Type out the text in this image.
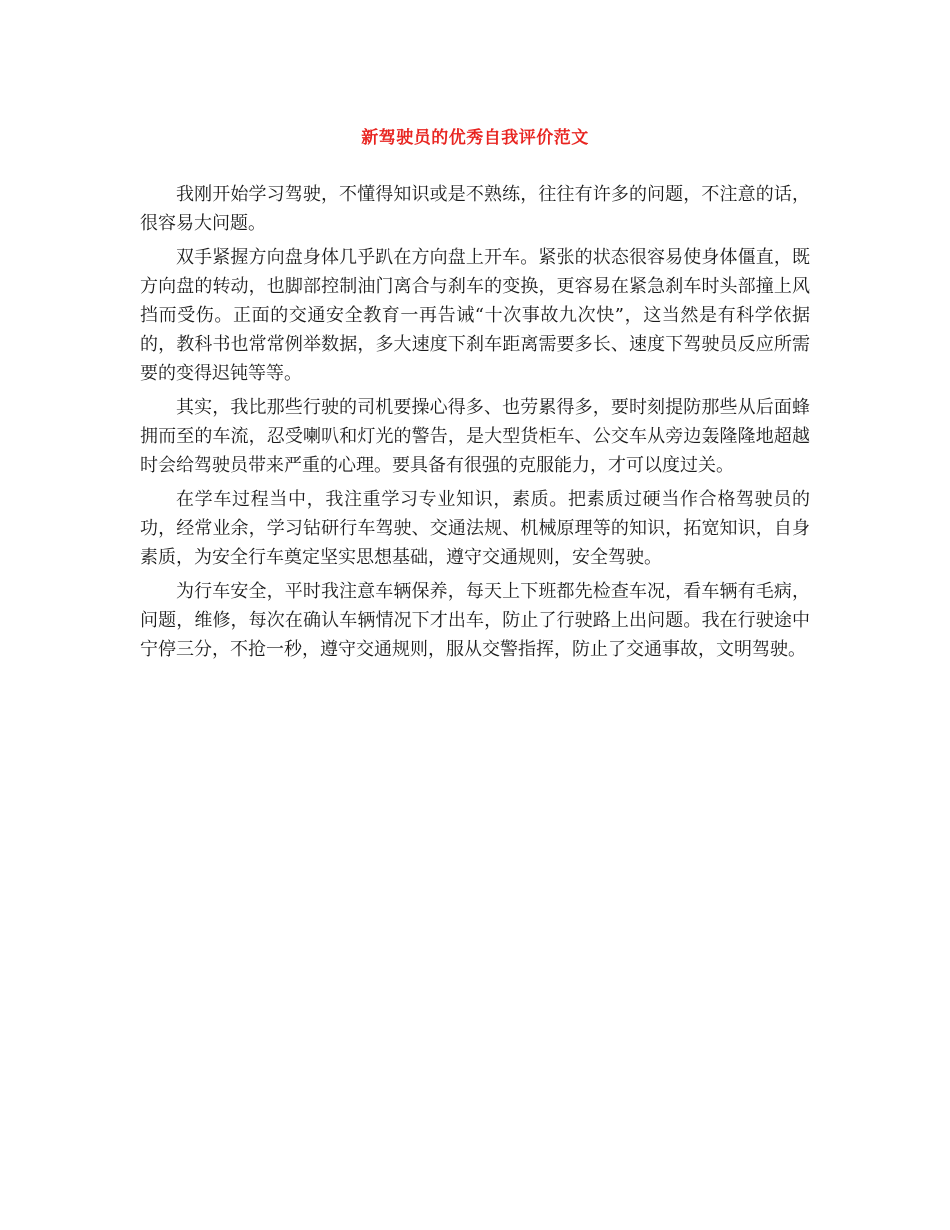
新驾驶员的优秀自我评价范文

我刚开始学习驾驶，不懂得知识或是不熟练，往往有许多的问题，不注意的话，很容易大问题。

双手紧握方向盘身体几乎趴在方向盘上开车。紧张的状态很容易使身体僵直，既方向盘的转动，也脚部控制油门离合与刹车的变换，更容易在紧急刹车时头部撞上风挡而受伤。正面的交通安全教育一再告诫“十次事故九次快”，这当然是有科学依据的，教科书也常常例举数据，多大速度下刹车距离需要多长、速度下驾驶员反应所需要的变得迟钝等等。

其实，我比那些行驶的司机要操心得多、也劳累得多，要时刻提防那些从后面蜂拥而至的车流，忍受喇叭和灯光的警告，是大型货柜车、公交车从旁边轰隆隆地超越时会给驾驶员带来严重的心理。要具备有很强的克服能力，才可以度过关。

在学车过程当中，我注重学习专业知识，素质。把素质过硬当作合格驾驶员的功，经常业余，学习钻研行车驾驶、交通法规、机械原理等的知识，拓宽知识，自身素质，为安全行车奠定坚实思想基础，遵守交通规则，安全驾驶。

为行车安全，平时我注意车辆保养，每天上下班都先检查车况，看车辆有毛病，问题，维修，每次在确认车辆情况下才出车，防止了行驶路上出问题。我在行驶途中宁停三分，不抢一秒，遵守交通规则，服从交警指挥，防止了交通事故，文明驾驶。
